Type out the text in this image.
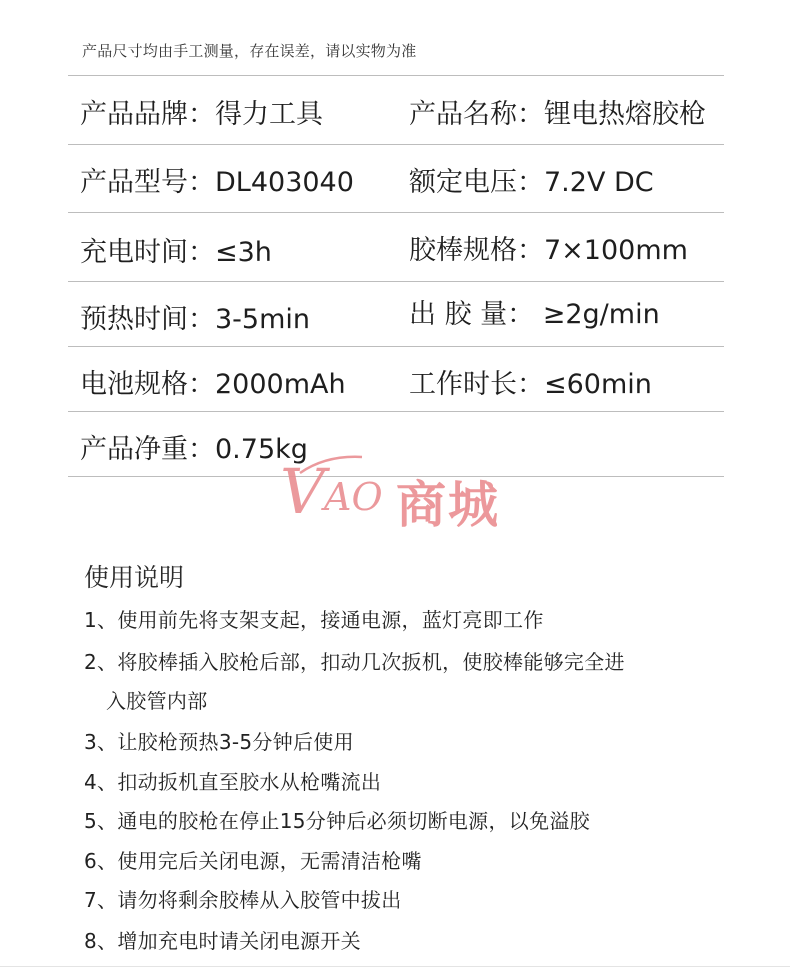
产品尺寸均由手工测量，存在误差，请以实物为准
产品品牌：得力工具	产品名称：锂电热熔胶枪
产品型号：DL403040 额定电压：7.2V DC
充电时间：≤3h	胶棒规格：7×100mm
预热时间：3-5min	出 胶 量： ≥2g/min
电池规格：2000mAh 工作时长：≤60min
产品净重：0.75kg
V AO 商城
使用说明
1、使用前先将支架支起，接通电源，蓝灯亮即工作
2、将胶棒插入胶枪后部，扣动几次扳机，使胶棒能够完全进
入胶管内部
3、让胶枪预热3-5分钟后使用
4、扣动扳机直至胶水从枪嘴流出
5、通电的胶枪在停止15分钟后必须切断电源，以免溢胶
6、使用完后关闭电源，无需清洁枪嘴
7、请勿将剩余胶棒从入胶管中拔出
8、增加充电时请关闭电源开关
